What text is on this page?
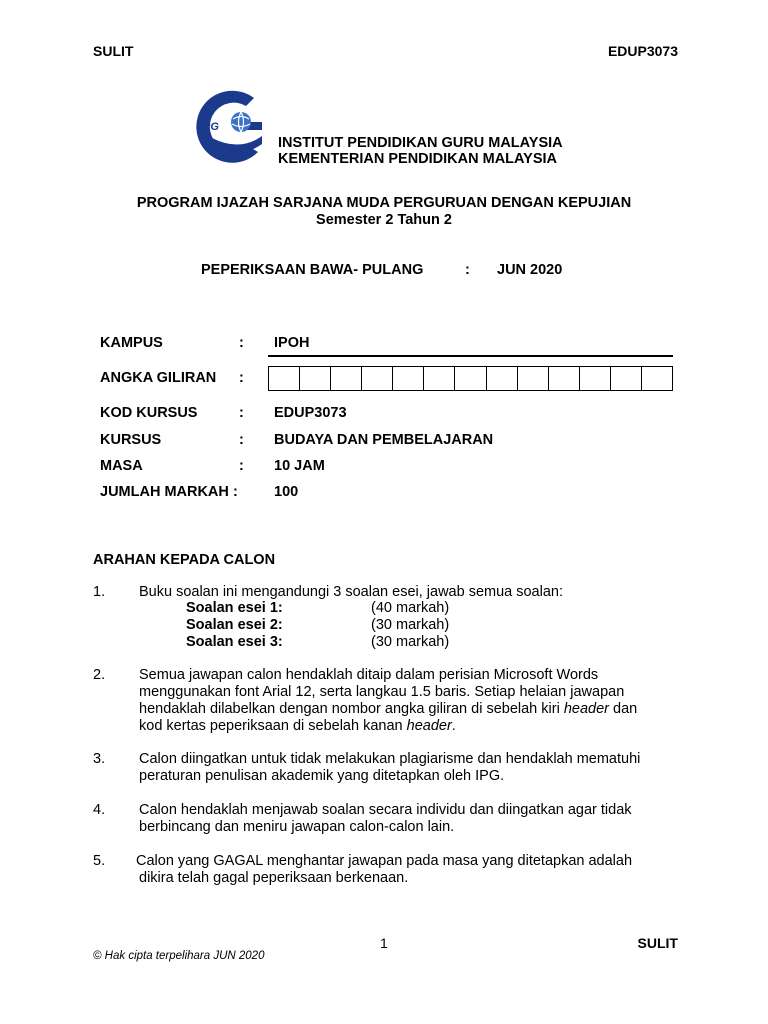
SULIT	EDUP3073
IPG
INSTITUT PENDIDIKAN GURU MALAYSIA
KEMENTERIAN PENDIDIKAN MALAYSIA
PROGRAM IJAZAH SARJANA MUDA PERGURUAN DENGAN KEPUJIAN
Semester 2 Tahun 2
PEPERIKSAAN BAWA- PULANG	: JUN 2020
KAMPUS	: IPOH
ANGKA GILIRAN :
KOD KURSUS	: EDUP3073
KURSUS	: BUDAYA DAN PEMBELAJARAN
MASA	: 10 JAM
JUMLAH MARKAH : 100
ARAHAN KEPADA CALON
1. Buku soalan ini mengandungi 3 soalan esei, jawab semua soalan:
Soalan esei 1:	(40 markah)
Soalan esei 2:	(30 markah)
Soalan esei 3:	(30 markah)
2. Semua jawapan calon hendaklah ditaip dalam perisian Microsoft Words
menggunakan font Arial 12, serta langkau 1.5 baris. Setiap helaian jawapan
hendaklah dilabelkan dengan nombor angka giliran di sebelah kiri header dan
kod kertas peperiksaan di sebelah kanan header.
3. Calon diingatkan untuk tidak melakukan plagiarisme dan hendaklah mematuhi
peraturan penulisan akademik yang ditetapkan oleh IPG.
4. Calon hendaklah menjawab soalan secara individu dan diingatkan agar tidak
berbincang dan meniru jawapan calon-calon lain.
5. Calon yang GAGAL menghantar jawapan pada masa yang ditetapkan adalah
dikira telah gagal peperiksaan berkenaan.
1	SULIT
© Hak cipta terpelihara JUN 2020
